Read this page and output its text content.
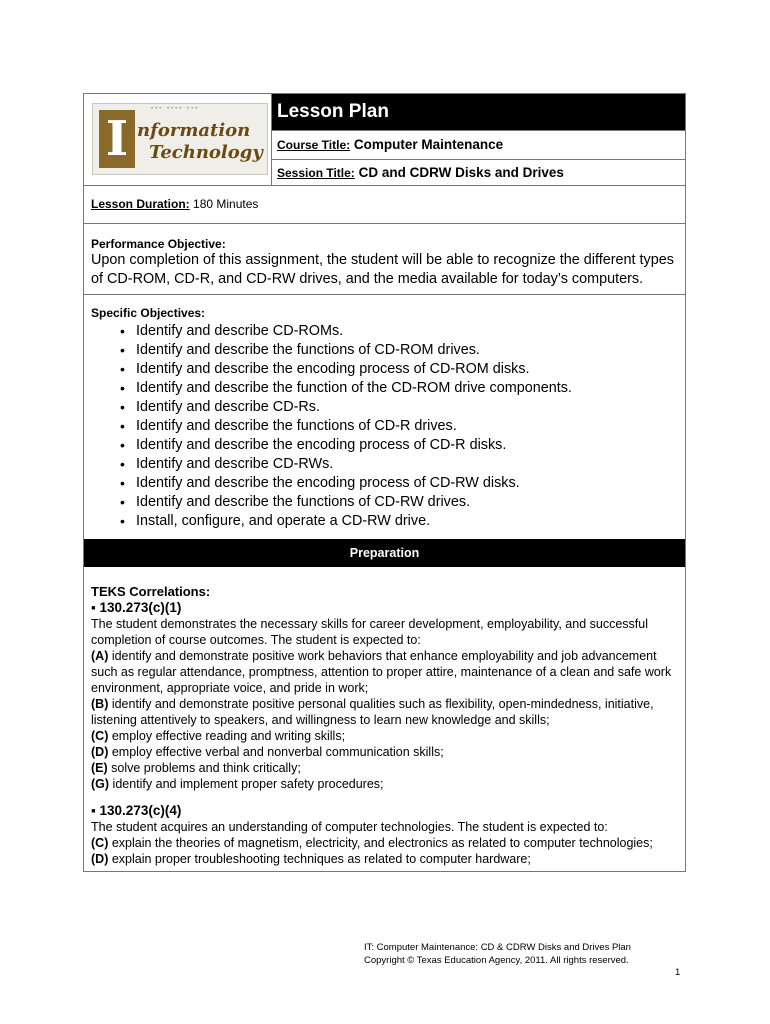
••• •••• •••
I nformation
Technology
Lesson Plan
Course Title: Computer Maintenance
Session Title: CD and CDRW Disks and Drives
Lesson Duration: 180 Minutes
Performance Objective:
Upon completion of this assignment, the student will be able to recognize the different types of CD-ROM, CD-R, and CD-RW drives, and the media available for today’s computers.
Specific Objectives:
• Identify and describe CD-ROMs.
• Identify and describe the functions of CD-ROM drives.
• Identify and describe the encoding process of CD-ROM disks.
• Identify and describe the function of the CD-ROM drive components.
• Identify and describe CD-Rs.
• Identify and describe the functions of CD-R drives.
• Identify and describe the encoding process of CD-R disks.
• Identify and describe CD-RWs.
• Identify and describe the encoding process of CD-RW disks.
• Identify and describe the functions of CD-RW drives.
• Install, configure, and operate a CD-RW drive.
Preparation
TEKS Correlations:
▪ 130.273(c)(1)
The student demonstrates the necessary skills for career development, employability, and successful completion of course outcomes. The student is expected to:
(A) identify and demonstrate positive work behaviors that enhance employability and job advancement such as regular attendance, promptness, attention to proper attire, maintenance of a clean and safe work environment, appropriate voice, and pride in work;
(B) identify and demonstrate positive personal qualities such as flexibility, open-mindedness, initiative, listening attentively to speakers, and willingness to learn new knowledge and skills;
(C) employ effective reading and writing skills;
(D) employ effective verbal and nonverbal communication skills;
(E) solve problems and think critically;
(G) identify and implement proper safety procedures;
▪ 130.273(c)(4)
The student acquires an understanding of computer technologies. The student is expected to:
(C) explain the theories of magnetism, electricity, and electronics as related to computer technologies;
(D) explain proper troubleshooting techniques as related to computer hardware;
IT: Computer Maintenance: CD & CDRW Disks and Drives Plan
Copyright © Texas Education Agency, 2011. All rights reserved.
1
